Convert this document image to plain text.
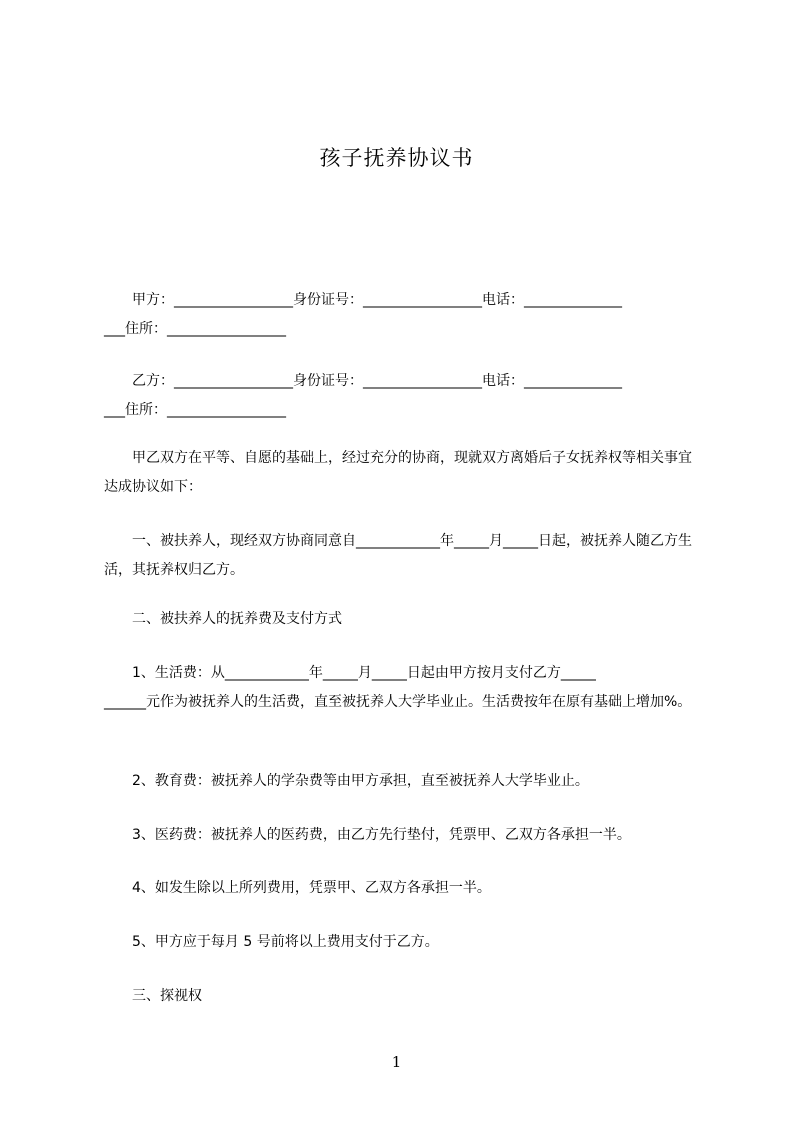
孩子抚养协议书
　　甲方：_________________身份证号：_________________电话：______________
___住所：_________________
　　乙方：_________________身份证号：_________________电话：______________
___住所：_________________
　　甲乙双方在平等、自愿的基础上，经过充分的协商，现就双方离婚后子女抚养权等相关事宜达成协议如下：
　　一、被扶养人，现经双方协商同意自____________年_____月_____日起，被抚养人随乙方生活，其抚养权归乙方。
　　二、被扶养人的抚养费及支付方式
　　1、生活费：从____________年_____月_____日起由甲方按月支付乙方_____
______元作为被抚养人的生活费，直至被抚养人大学毕业止。生活费按年在原有基础上增加%。
　　2、教育费：被抚养人的学杂费等由甲方承担，直至被抚养人大学毕业止。
　　3、医药费：被抚养人的医药费，由乙方先行垫付，凭票甲、乙双方各承担一半。
　　4、如发生除以上所列费用，凭票甲、乙双方各承担一半。
　　5、甲方应于每月 5 号前将以上费用支付于乙方。
　　三、探视权
1
